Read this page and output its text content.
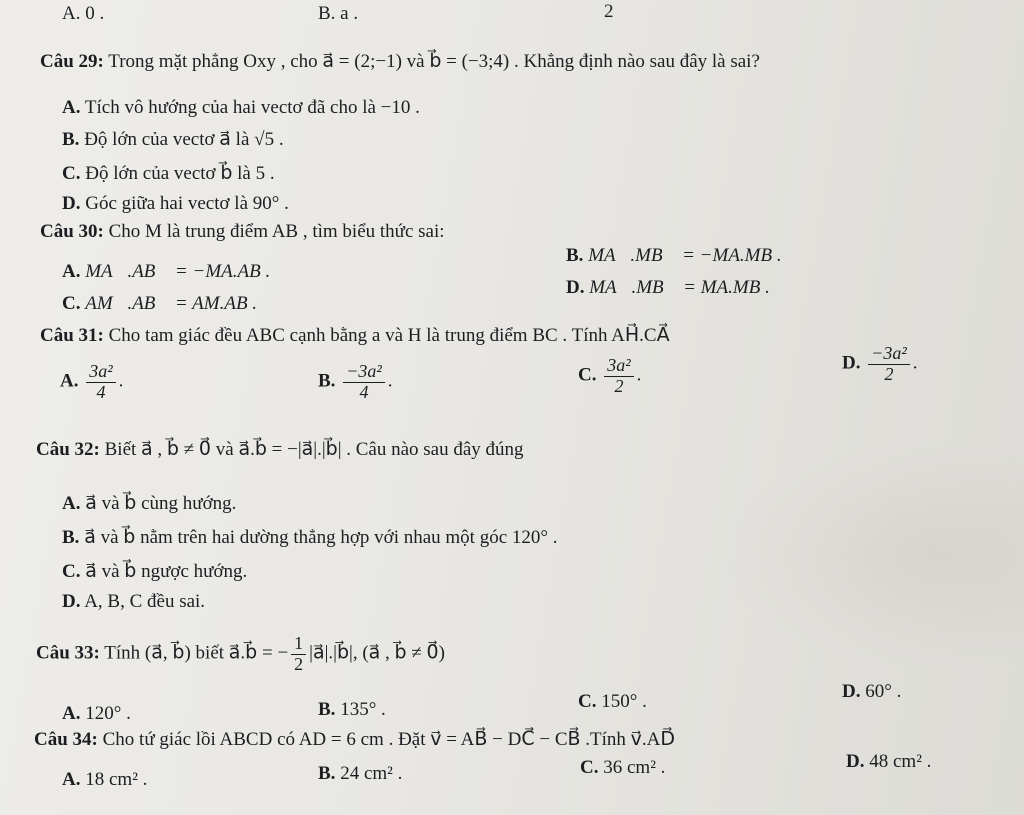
A. 0 .	B. a .	2
Câu 29: Trong mặt phẳng Oxy , cho a⃗ = (2;−1) và b⃗ = (−3;4) . Khẳng định nào sau đây là sai?
A. Tích vô hướng của hai vectơ đã cho là −10 .
B. Độ lớn của vectơ a⃗ là √5 .
C. Độ lớn của vectơ b⃗ là 5 .
D. Góc giữa hai vectơ là 90° .
Câu 30: Cho M là trung điểm AB , tìm biểu thức sai:
A. MA⃗.AB⃗ = −MA.AB .
B. MA⃗.MB⃗ = −MA.MB .
C. AM⃗.AB⃗ = AM.AB .
D. MA⃗.MB⃗ = MA.MB .
Câu 31: Cho tam giác đều ABC cạnh bằng a và H là trung điểm BC . Tính AH⃗.CA⃗
A. $\frac{\text{3a²}}{4}$ .	B. $\frac{\text{−3a²}}{4}$ .	C. $\frac{\text{3a²}}{2}$ .
D. $\frac{\text{−3a²}}{2}$ .
Câu 32: Biết a⃗ , b⃗ ≠ 0⃗ và a⃗.b⃗ = −|a⃗|.|b⃗| . Câu nào sau đây đúng
A. a⃗ và b⃗ cùng hướng.
B. a⃗ và b⃗ nằm trên hai dường thẳng hợp với nhau một góc 120° .
C. a⃗ và b⃗ ngược hướng.
D. A, B, C đều sai.
Câu 33: Tính (a⃗, b⃗) biết a⃗.b⃗ = − $\frac{1}{2}$ |a⃗|.|b⃗|, (a⃗ , b⃗ ≠ 0⃗)
A. 120° .	B. 135° .	C. 150° .	D. 60° .
Câu 34: Cho tứ giác lồi ABCD có AD = 6 cm . Đặt v⃗ = AB⃗ − DC⃗ − CB⃗ .Tính v⃗.AD⃗
A. 18 cm² .	B. 24 cm² .	C. 36 cm² .	D. 48 cm² .
